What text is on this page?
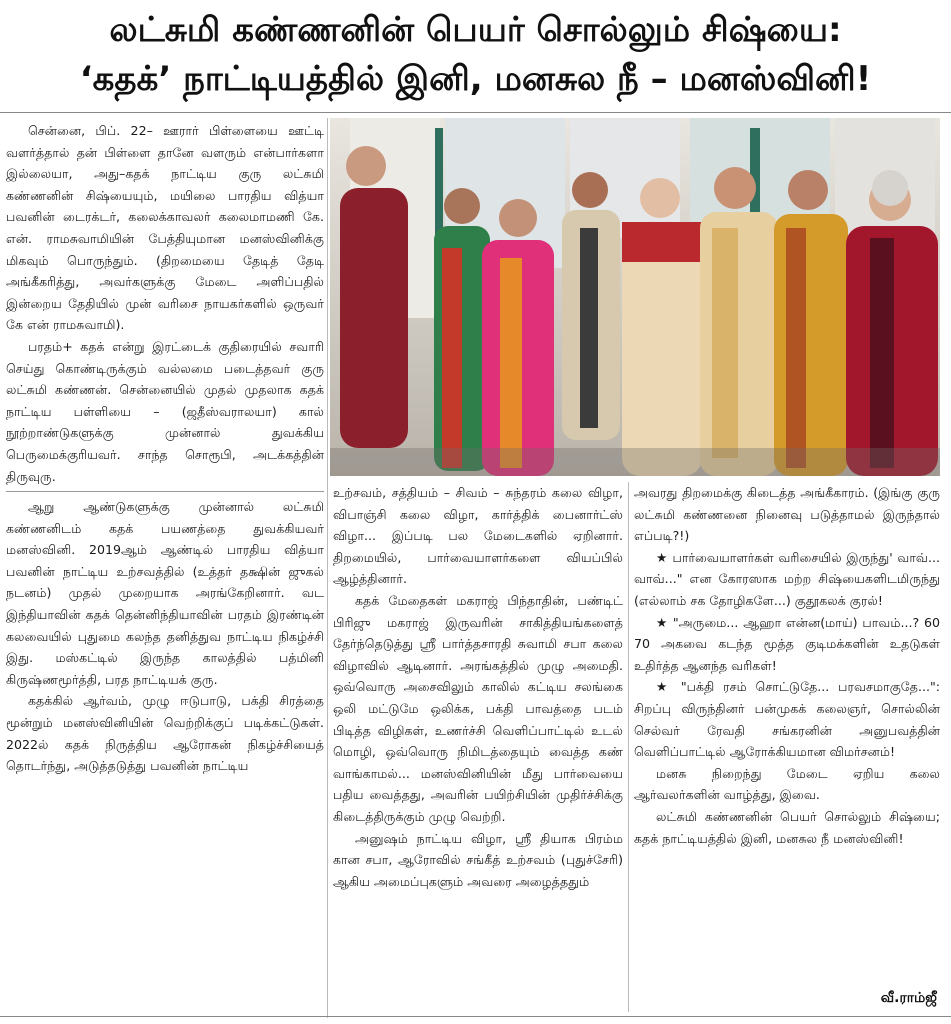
லட்சுமி கண்ணனின் பெயர் சொல்லும் சிஷ்யை:
‘கதக்’ நாட்டியத்தில் இனி, மனசுல நீ – மனஸ்வினி!

சென்னை, பிப். 22– ஊரார் பிள்ளையை ஊட்டி வளர்த்தால் தன் பிள்ளை தானே வளரும் என்பார்களா இல்லையா, அது–கதக் நாட்டிய குரு லட்சுமி கண்ணனின் சிஷ்யையும், மயிலை பாரதிய வித்யா பவனின் டைரக்டர், கலைக்காவலர் கலைமாமணி கே. என். ராமசுவாமியின் பேத்தியுமான மனஸ்வினிக்கு மிகவும் பொருந்தும். (திறமையை தேடித் தேடி அங்கீகரித்து, அவர்களுக்கு மேடை அளிப்பதில் இன்றைய தேதியில் முன் வரிசை நாயகர்களில் ஒருவர் கே என் ராமசுவாமி).

பரதம்+ கதக் என்று இரட்டைக் குதிரையில் சவாரி செய்து கொண்டிருக்கும் வல்லமை படைத்தவர் குரு லட்சுமி கண்ணன். சென்னையில் முதல் முதலாக கதக் நாட்டிய பள்ளியை – (ஜதீஸ்வராலயா) கால் நூற்றாண்டுகளுக்கு முன்னால் துவக்கிய பெருமைக்குரியவர். சாந்த சொரூபி, அடக்கத்தின் திருவுரு.

ஆறு ஆண்டுகளுக்கு முன்னால் லட்சுமி கண்ணனிடம் கதக் பயணத்தை துவக்கியவர் மனஸ்வினி. 2019ஆம் ஆண்டில் பாரதிய வித்யா பவனின் நாட்டிய உற்சவத்தில் (உத்தர் தக்ஷின் ஜுகல் நடனம்) முதல் முறையாக அரங்கேறினார். வட இந்தியாவின் கதக் தென்னிந்தியாவின் பரதம் இரண்டின் கலவையில் புதுமை கலந்த தனித்துவ நாட்டிய நிகழ்ச்சி இது. மஸ்கட்டில் இருந்த காலத்தில் பத்மினி கிருஷ்ணமூர்த்தி, பரத நாட்டியக் குரு.

கதக்கில் ஆர்வம், முழு ஈடுபாடு, பக்தி சிரத்தை மூன்றும் மனஸ்வினியின் வெற்றிக்குப் படிக்கட்டுகள். 2022ல் கதக் நிருத்திய ஆரோகன் நிகழ்ச்சியைத் தொடர்ந்து, அடுத்தடுத்து பவனின் நாட்டிய

உற்சவம், சத்தியம் – சிவம் – சுந்தரம் கலை விழா, விபாஞ்சி கலை விழா, கார்த்திக் பைனார்ட்ஸ் விழா... இப்படி பல மேடைகளில் ஏறினார். திறமையில், பார்வையாளர்களை வியப்பில் ஆழ்த்தினார்.

கதக் மேதைகள் மகராஜ் பிந்தாதின், பண்டிட் பிரிஜு மகராஜ் இருவரின் சாகித்தியங்களைத் தேர்ந்தெடுத்து ஸ்ரீ பார்த்தசாரதி சுவாமி சபா கலை விழாவில் ஆடினார். அரங்கத்தில் முழு அமைதி. ஒவ்வொரு அசைவிலும் காலில் கட்டிய சலங்கை ஒலி மட்டுமே ஒலிக்க, பக்தி பாவத்தை படம் பிடித்த விழிகள், உணர்ச்சி வெளிப்பாட்டில் உடல் மொழி, ஒவ்வொரு நிமிடத்தையும் வைத்த கண் வாங்காமல்... மனஸ்வினியின் மீது பார்வையை பதிய வைத்தது, அவரின் பயிற்சியின் முதிர்ச்சிக்கு கிடைத்திருக்கும் முழு வெற்றி.

அனுஷம் நாட்டிய விழா, ஸ்ரீ தியாக பிரம்ம கான சபா, ஆரோவில் சங்கீத் உற்சவம் (புதுச்சேரி) ஆகிய அமைப்புகளும் அவரை அழைத்ததும்

அவரது திறமைக்கு கிடைத்த அங்கீகாரம். (இங்கு குரு லட்சுமி கண்ணனை நினைவு படுத்தாமல் இருந்தால் எப்படி?!)

★ பார்வையாளர்கள் வரிசையில் இருந்து' வாவ்... வாவ்..." என கோரஸாக மற்ற சிஷ்யைகளிடமிருந்து (எல்லாம் சக தோழிகளே...) குதூகலக் குரல்!

★ "அருமை... ஆஹா என்ன(மாய்) பாவம்...? 60 70 அகவை கடந்த மூத்த குடிமக்களின் உதடுகள் உதிர்த்த ஆனந்த வரிகள்!

★ "பக்தி ரசம் சொட்டுதே... பரவசமாகுதே...": சிறப்பு விருந்தினர் பன்முகக் கலைஞர், சொல்லின் செல்வர் ரேவதி சங்கரனின் அனுபவத்தின் வெளிப்பாட்டில் ஆரோக்கியமான விமர்சனம்!

மனசு நிறைந்து மேடை ஏறிய கலை ஆர்வலர்களின் வாழ்த்து, இவை.

லட்சுமி கண்ணனின் பெயர் சொல்லும் சிஷ்யை; கதக் நாட்டியத்தில் இனி, மனசுல நீ மனஸ்வினி!

வீ.ராம்ஜீ
